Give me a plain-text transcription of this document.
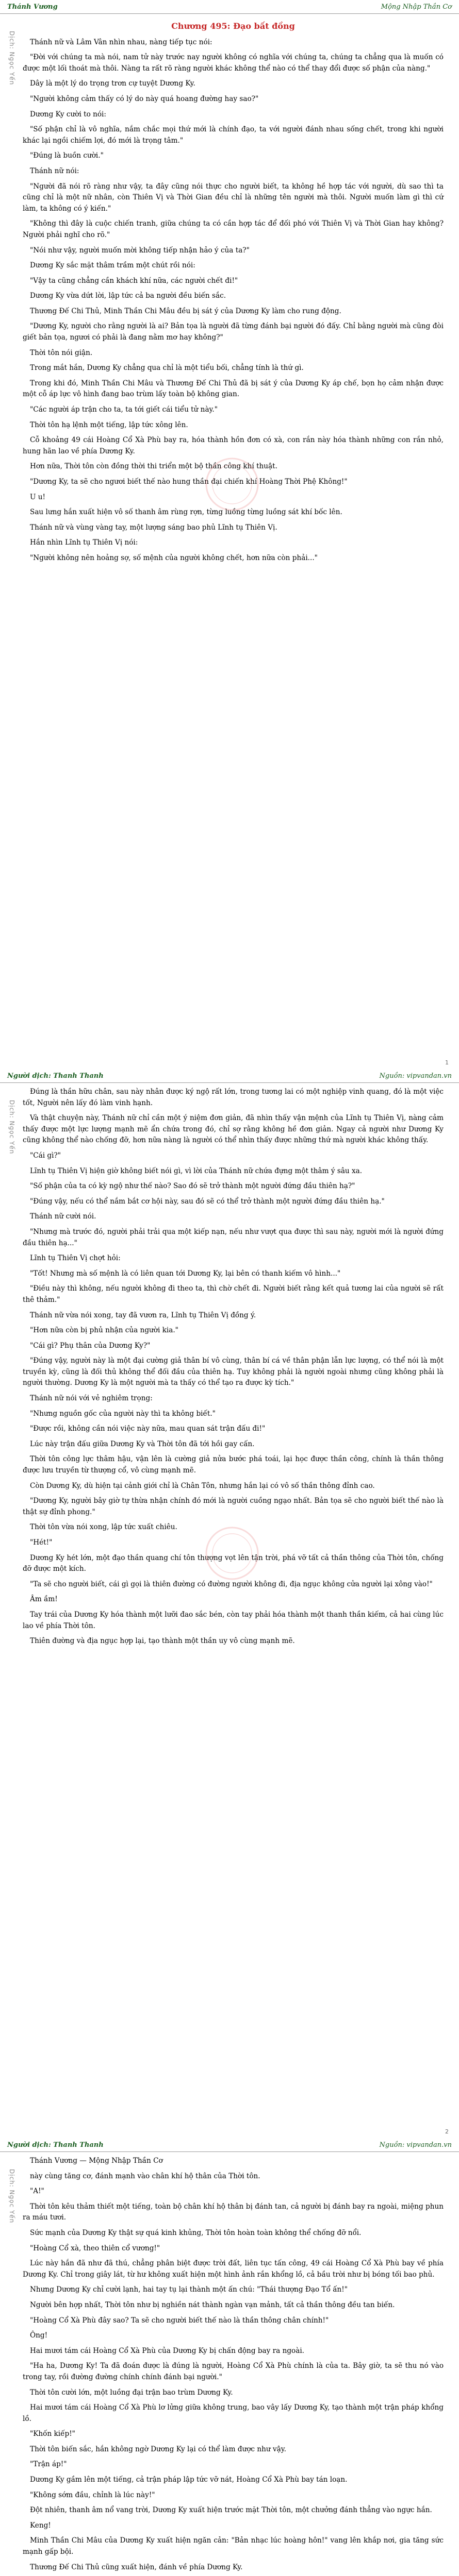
Thánh Vương	Mộng Nhập Thần Cơ
Dịch: Ngọc Yến
Chương 495: Đạo bất đồng

Thánh nữ và Lâm Vân nhìn nhau, nàng tiếp tục nói:

"Đời với chúng ta mà nói, nam tử này trước nay người không có nghĩa với chúng ta, chúng ta chẳng qua là muốn có được một lối thoát mà thôi. Nàng ta rất rõ ràng người khác không thể nào có thể thay đổi được số phận của nàng."

Dây là một lý do trọng trơn cự tuyệt Dương Ky.

"Người không cảm thấy có lý do này quá hoang đường hay sao?"

Dương Ky cười to nói:

"Số phận chỉ là vô nghĩa, nắm chắc mọi thứ mới là chính đạo, ta với người đánh nhau sống chết, trong khi người khác lại ngồi chiếm lợi, đó mới là trọng tâm."

"Đúng là buồn cười."

Thánh nữ nói:

"Người đã nói rõ ràng như vậy, ta đây cũng nói thực cho người biết, ta không hề hợp tác với người, dù sao thì ta cũng chỉ là một nữ nhân, còn Thiên Vị và Thời Gian đều chỉ là những tên người mà thôi. Người muốn làm gì thì cứ làm, ta không có ý kiến."

"Không thì đây là cuộc chiến tranh, giữa chúng ta có cần hợp tác để đối phó với Thiên Vị và Thời Gian hay không? Người phải nghĩ cho rõ."

"Nói như vậy, người muốn mời không tiếp nhận hảo ý của ta?"

Dương Ky sắc mặt thâm trầm một chút rồi nói:

"Vậy ta cũng chẳng cần khách khí nữa, các người chết đi!"

Dương Ky vừa dứt lời, lập tức cả ba người đều biến sắc.

Thương Đế Chi Thủ, Minh Thần Chi Mâu đều bị sát ý của Dương Ky làm cho rung động.

"Dương Ky, người cho rằng người là ai? Bản tọa là người đã từng đánh bại người đó đấy. Chỉ bằng người mà cũng đòi giết bản tọa, ngươi có phải là đang nằm mơ hay không?"

Thời tôn nói giận.

Trong mắt hắn, Dương Ky chẳng qua chỉ là một tiểu bối, chẳng tính là thứ gì.

Trong khi đó, Minh Thần Chi Mâu và Thương Đế Chi Thủ đã bị sát ý của Dương Ky áp chế, bọn họ cảm nhận được một cỗ áp lực vô hình đang bao trùm lấy toàn bộ không gian.

"Các người áp trận cho ta, ta tới giết cái tiểu tử này."

Thời tôn hạ lệnh một tiếng, lập tức xông lên.

Cỗ khoảng 49 cái Hoàng Cổ Xà Phù bay ra, hóa thành hồn đơn có xà, con rắn này hóa thành những con rắn nhỏ, hung hãn lao về phía Dương Ky.

Hơn nữa, Thời tôn còn đồng thời thi triển một bộ thần công khí thuật.

"Dương Ky, ta sẽ cho ngươi biết thế nào hung thần đại chiến khí Hoàng Thời Phệ Không!"

U u!

Sau lưng hắn xuất hiện vô số thanh âm rùng rợn, từng luồng từng luồng sát khí bốc lên.

Thánh nữ và vùng vàng tay, một lượng sáng bao phủ Lĩnh tụ Thiên Vị.

Hắn nhìn Lĩnh tụ Thiên Vị nói:

"Người không nên hoảng sợ, số mệnh của người không chết, hơn nữa còn phải..."

1
Người dịch: Thanh Thanh	Nguồn: vipvandan.vn
Dịch: Ngọc Yến

Đúng là thần hữu chân, sau này nhân được ký ngộ rất lớn, trong tương lai có một nghiệp vinh quang, đó là một việc tốt, Người nên lấy đó làm vinh hạnh.

Và thật chuyện này, Thánh nữ chỉ cần một ý niệm đơn giản, đã nhìn thấy vận mệnh của Lĩnh tụ Thiên Vị, nàng cảm thấy được một lực lượng mạnh mẽ ẩn chứa trong đó, chỉ sợ rằng không hề đơn giản. Ngay cả người như Dương Ky cũng không thể nào chống đỡ, hơn nữa nàng là người có thể nhìn thấy được những thứ mà người khác không thấy.

"Cái gì?"

Lĩnh tụ Thiên Vị hiện giờ không biết nói gì, vì lời của Thánh nữ chứa đựng một thâm ý sâu xa.

"Số phận của ta có kỳ ngộ như thế nào? Sao đó sẽ trở thành một người đứng đầu thiên hạ?"

"Đúng vậy, nếu có thể nắm bắt cơ hội này, sau đó sẽ có thể trở thành một người đứng đầu thiên hạ."

Thánh nữ cười nói.

"Nhưng mà trước đó, người phải trải qua một kiếp nạn, nếu như vượt qua được thì sau này, người mới là người đứng đầu thiên hạ..."

Lĩnh tụ Thiên Vị chợt hỏi:

"Tốt! Nhưng mà số mệnh là có liên quan tới Dương Ky, lại bên có thanh kiếm vô hình..."

"Điều này thì không, nếu người không đi theo ta, thì chờ chết đi. Người biết rằng kết quả tương lai của người sẽ rất thê thảm."

Thánh nữ vừa nói xong, tay đã vươn ra, Lĩnh tụ Thiên Vị đồng ý.

"Hơn nữa còn bị phủ nhận của người kia."

"Cái gì? Phụ thân của Dương Ky?"

"Đúng vậy, người này là một đại cường giả thân bí vô cùng, thân bí cá về thân phận lẫn lực lượng, có thể nói là một truyền kỳ, cũng là đối thủ không thể đối đầu của thiên hạ. Tuy không phải là người ngoài nhưng cũng không phải là người thường. Dương Ky là một người mà ta thấy có thể tạo ra được kỳ tích."

Thánh nữ nói với vẻ nghiêm trọng:

"Nhưng nguồn gốc của người này thì ta không biết."

"Được rồi, không cần nói việc này nữa, mau quan sát trận đấu đi!"

Lúc này trận đấu giữa Dương Ky và Thời tôn đã tới hồi gay cấn.

Thời tôn công lực thâm hậu, vận lên là cường giả nửa bước phá toái, lại học được thần công, chính là thần thông được lưu truyền từ thượng cổ, vô cùng mạnh mẽ.

Còn Dương Ky, dù hiện tại cảnh giới chỉ là Chân Tôn, nhưng hắn lại có vô số thần thông đỉnh cao.

"Dương Ky, người bây giờ tự thừa nhận chính đó mới là người cuồng ngạo nhất. Bản tọa sẽ cho người biết thế nào là thật sự đỉnh phong."

Thời tôn vừa nói xong, lập tức xuất chiêu.

"Hét!"

Dương Ky hét lớn, một đạo thần quang chí tôn thượng vọt lên tận trời, phá vỡ tất cả thần thông của Thời tôn, chống đỡ được một kích.

"Ta sẽ cho người biết, cái gì gọi là thiên đường có đường người không đi, địa ngục không cửa người lại xông vào!"

Âm ầm!

Tay trái của Dương Ky hóa thành một lưỡi đao sắc bén, còn tay phải hóa thành một thanh thần kiếm, cả hai cùng lúc lao về phía Thời tôn.

Thiên đường và địa ngục hợp lại, tạo thành một thần uy vô cùng mạnh mẽ.

2
Người dịch: Thanh Thanh	Nguồn: vipvandan.vn
Dịch: Ngọc Yến

Thánh Vương — Mộng Nhập Thần Cơ

này cùng tăng cơ, đánh mạnh vào chân khí hộ thân của Thời tôn.

"A!"

Thời tôn kêu thảm thiết một tiếng, toàn bộ chân khí hộ thân bị đánh tan, cả người bị đánh bay ra ngoài, miệng phun ra máu tươi.

Sức mạnh của Dương Ky thật sự quá kinh khủng, Thời tôn hoàn toàn không thể chống đỡ nổi.

"Hoàng Cổ xà, theo thiên cổ vương!"

Lúc này hắn đã như đã thú, chẳng phân biệt được trời đất, liên tục tấn công, 49 cái Hoàng Cổ Xà Phù bay về phía Dương Ky. Chỉ trong giây lát, từ hư không xuất hiện một hình ảnh rắn khổng lồ, cả bầu trời như bị bóng tối bao phủ.

Nhưng Dương Ky chỉ cười lạnh, hai tay tụ lại thành một ấn chú: "Thái thượng Đạo Tổ ấn!"

Người bên hợp nhất, Thời tôn như bị nghiền nát thành ngàn vạn mảnh, tất cả thần thông đều tan biến.

"Hoàng Cổ Xà Phù đây sao? Ta sẽ cho người biết thế nào là thần thông chân chính!"

Ông!

Hai mươi tám cái Hoàng Cổ Xà Phù của Dương Ky bị chấn động bay ra ngoài.

"Ha ha, Dương Ky! Ta đã đoán được là đúng là người, Hoàng Cổ Xà Phù chính là của ta. Bây giờ, ta sẽ thu nó vào trong tay, rồi đường đường chính chính đánh bại người."

Thời tôn cười lớn, một luồng đại trận bao trùm Dương Ky.

Hai mươi tám cái Hoàng Cổ Xà Phù lơ lửng giữa không trung, bao vây lấy Dương Ky, tạo thành một trận pháp khổng lồ.

"Khốn kiếp!"

Thời tôn biến sắc, hắn không ngờ Dương Ky lại có thể làm được như vậy.

"Trận áp!"

Dương Ky gầm lên một tiếng, cả trận pháp lập tức vỡ nát, Hoàng Cổ Xà Phù bay tán loạn.

"Không sớm đầu, chỉnh là lúc này!"

Đột nhiên, thanh âm nổ vang trời, Dương Ky xuất hiện trước mặt Thời tôn, một chưởng đánh thẳng vào ngực hắn.

Keng!

Minh Thần Chi Mâu của Dương Ky xuất hiện ngăn cản: "Bản nhạc lúc hoàng hôn!" vang lên khắp nơi, gia tăng sức mạnh gấp bội.

Thương Đế Chi Thủ cũng xuất hiện, đánh về phía Dương Ky.
